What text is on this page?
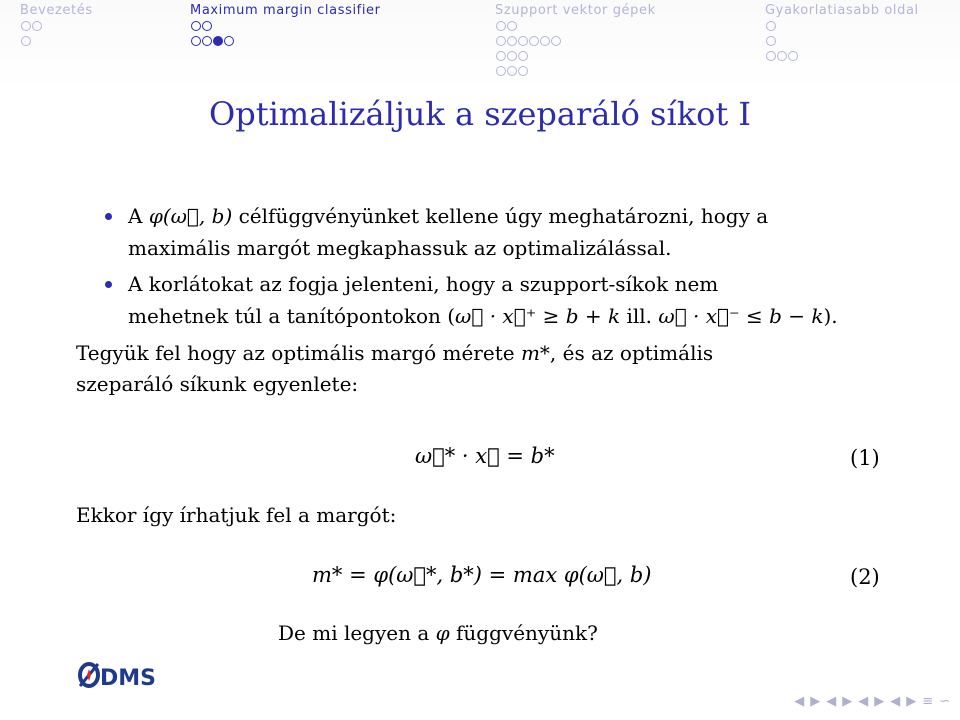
Bevezetés	Maximum margin classifier	Szupport vektor gépek	Gyakorlatiasabb oldal
Optimalizáljuk a szeparáló síkot I
A φ(ω⃗, b) célfüggvényünket kellene úgy meghatározni, hogy a
maximális margót megkaphassuk az optimalizálással.
A korlátokat az fogja jelenteni, hogy a szupport-síkok nem
mehetnek túl a tanítópontokon (ω⃗ · x⃗⁺ ≥ b + k ill. ω⃗ · x⃗⁻ ≤ b − k).

Tegyük fel hogy az optimális margó mérete m*, és az optimális
szeparáló síkunk egyenlete:

ω⃗* · x⃗ = b*	(1)
Ekkor így írhatjuk fel a margót:
m* = φ(ω⃗*, b*) = max φ(ω⃗, b)	(2)
De mi legyen a φ függvényünk?
DMS
◀ ▶ ◀ ▶ ◀ ▶ ◀ ▶ ≡ ∽
